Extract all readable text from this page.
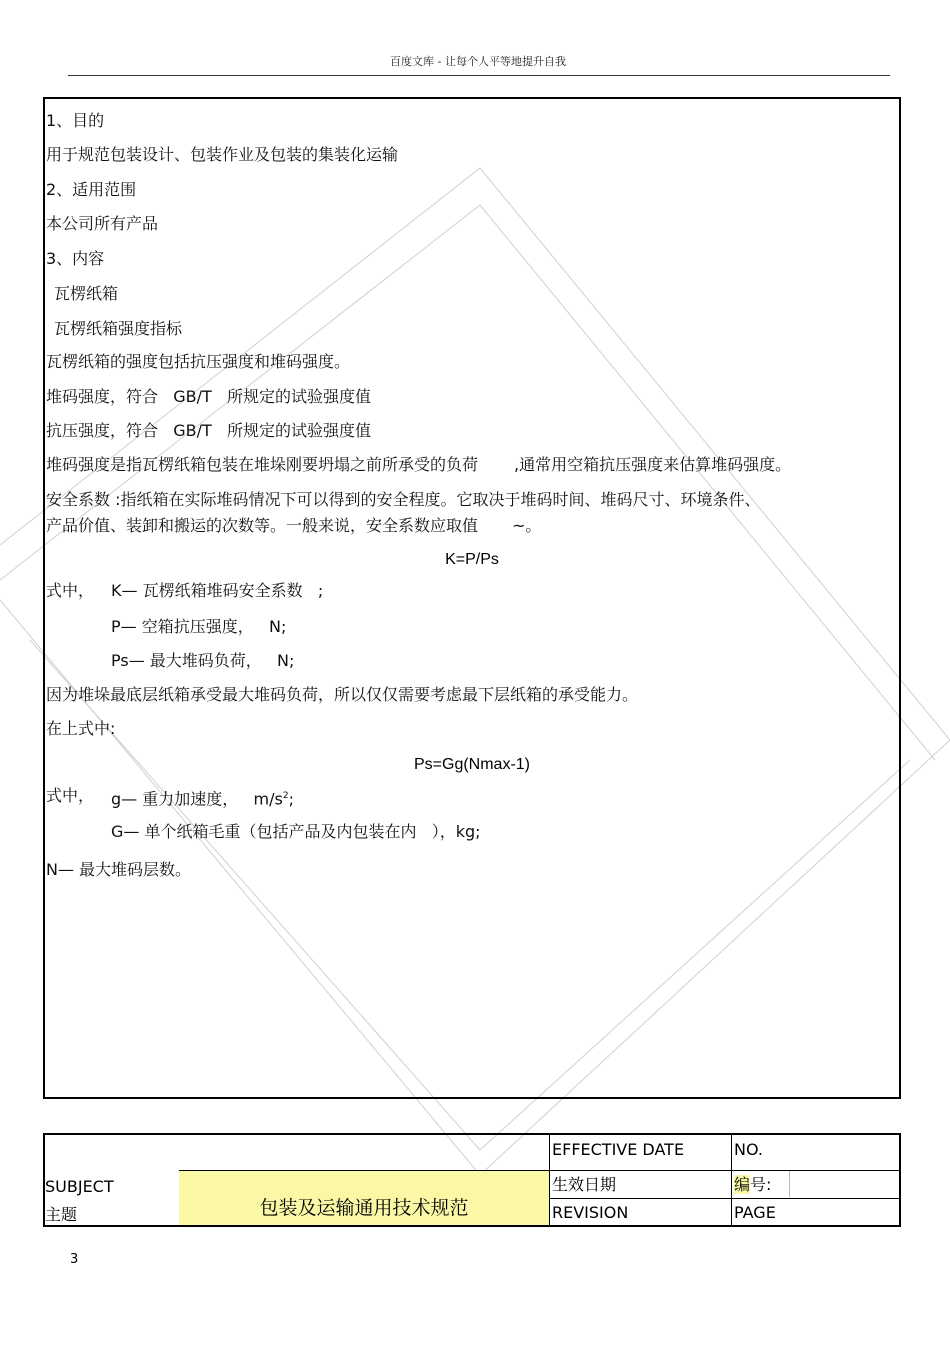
百度文库 - 让每个人平等地提升自我
1、目的
用于规范包装设计、包装作业及包装的集装化运输
2、适用范围
本公司所有产品
3、内容
瓦楞纸箱
瓦楞纸箱强度指标
瓦楞纸箱的强度包括抗压强度和堆码强度。
堆码强度，符合   GB/T   所规定的试验强度值
抗压强度，符合   GB/T   所规定的试验强度值
堆码强度是指瓦楞纸箱包装在堆垛刚要坍塌之前所承受的负荷 ,通常用空箱抗压强度来估算堆码强度。
安全系数 :指纸箱在实际堆码情况下可以得到的安全程度。它取决于堆码时间、堆码尺寸、环境条件、
产品价值、装卸和搬运的次数等。一般来说，安全系数应取值 ~。
K=P/Ps
式中， K— 瓦楞纸箱堆码安全系数   ;
P— 空箱抗压强度，   N;
Ps— 最大堆码负荷，   N;
因为堆垛最底层纸箱承受最大堆码负荷，所以仅仅需要考虑最下层纸箱的承受能力。
在上式中:
Ps=Gg(Nmax-1)
式中， g— 重力加速度，   $m/s^2$;
G— 单个纸箱毛重（包括产品及内包装在内   ），kg;
N— 最大堆码层数。
SUBJECT
主题	包装及运输通用技术规范
EFFECTIVE DATE
生效日期
REVISION
NO.
编号:
PAGE
3
